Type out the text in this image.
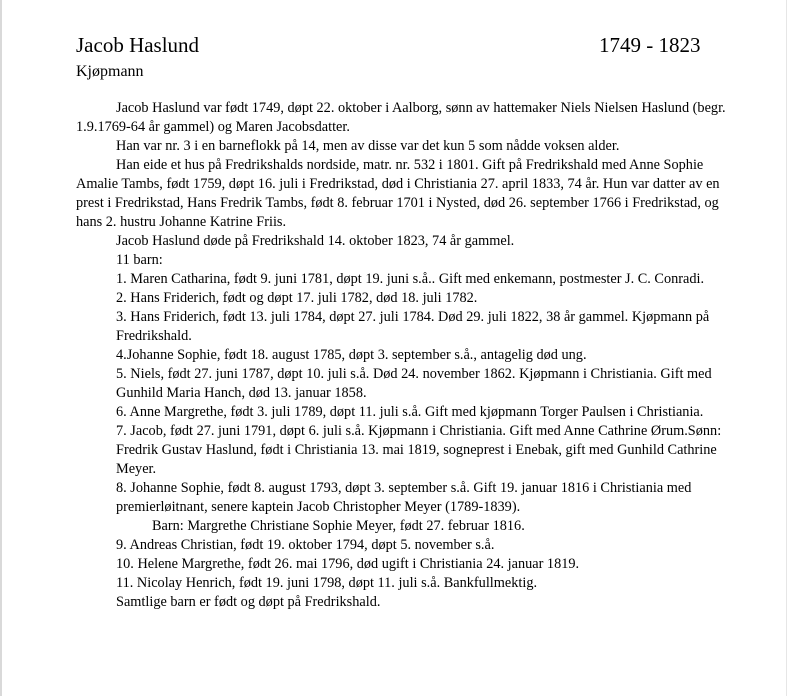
Jacob Haslund	1749 - 1823
Kjøpmann

Jacob Haslund var født 1749, døpt 22. oktober i Aalborg, sønn av hattemaker Niels Nielsen Haslund (begr. 1.9.1769-64 år gammel) og Maren Jacobsdatter.

Han var nr. 3 i en barneflokk på 14, men av disse var det kun 5 som nådde voksen alder.

Han eide et hus på Fredrikshalds nordside, matr. nr. 532 i 1801. Gift på Fredrikshald med Anne Sophie Amalie Tambs, født 1759, døpt 16. juli i Fredrikstad, død i Christiania 27. april 1833, 74 år. Hun var datter av en prest i Fredrikstad, Hans Fredrik Tambs, født 8. februar 1701 i Nysted, død 26. september 1766 i Fredrikstad, og hans 2. hustru Johanne Katrine Friis.

Jacob Haslund døde på Fredrikshald 14. oktober 1823, 74 år gammel.

11 barn:

1. Maren Catharina, født 9. juni 1781, døpt 19. juni s.å.. Gift med enkemann, postmester J. C. Conradi.

2. Hans Friderich, født og døpt 17. juli 1782, død 18. juli 1782.

3. Hans Friderich, født 13. juli 1784, døpt 27. juli 1784. Død 29. juli 1822, 38 år gammel. Kjøpmann på Fredrikshald.

4.Johanne Sophie, født 18. august 1785, døpt 3. september s.å., antagelig død ung.

5. Niels, født 27. juni 1787, døpt 10. juli s.å. Død 24. november 1862. Kjøpmann i Christiania. Gift med Gunhild Maria Hanch, død 13. januar 1858.

6. Anne Margrethe, født 3. juli 1789, døpt 11. juli s.å. Gift med kjøpmann Torger Paulsen i Christiania.

7. Jacob, født 27. juni 1791, døpt 6. juli s.å. Kjøpmann i Christiania. Gift med Anne Cathrine Ørum.Sønn: Fredrik Gustav Haslund, født i Christiania 13. mai 1819, sogneprest i Enebak, gift med Gunhild Cathrine Meyer.

8. Johanne Sophie, født 8. august 1793, døpt 3. september s.å. Gift 19. januar 1816 i Christiania med premierløitnant, senere kaptein Jacob Christopher Meyer (1789-1839).

Barn: Margrethe Christiane Sophie Meyer, født 27. februar 1816.

9. Andreas Christian, født 19. oktober 1794, døpt 5. november s.å.

10. Helene Margrethe, født 26. mai 1796, død ugift i Christiania 24. januar 1819.

11. Nicolay Henrich, født 19. juni 1798, døpt 11. juli s.å. Bankfullmektig.

Samtlige barn er født og døpt på Fredrikshald.
